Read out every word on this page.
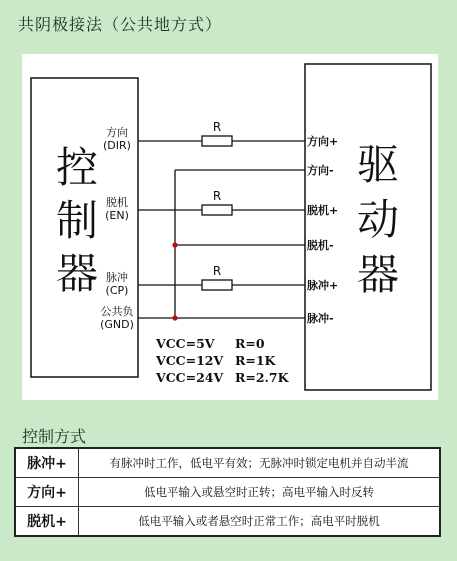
共阴极接法（公共地方式）
控
制
器
驱
动
器
方向
(DIR)
脱机
(EN)
脉冲
(CP)
公共负
(GND)
R
R
R
方向+
方向-
脱机+
脱机-
脉冲+
脉冲-
VCC=5V R=0
VCC=12V R=1K
VCC=24V R=2.7K
控制方式
脉冲+	有脉冲时工作，低电平有效；无脉冲时锁定电机并自动半流
方向+	低电平输入或悬空时正转；高电平输入时反转
脱机+	低电平输入或者悬空时正常工作；高电平时脱机
